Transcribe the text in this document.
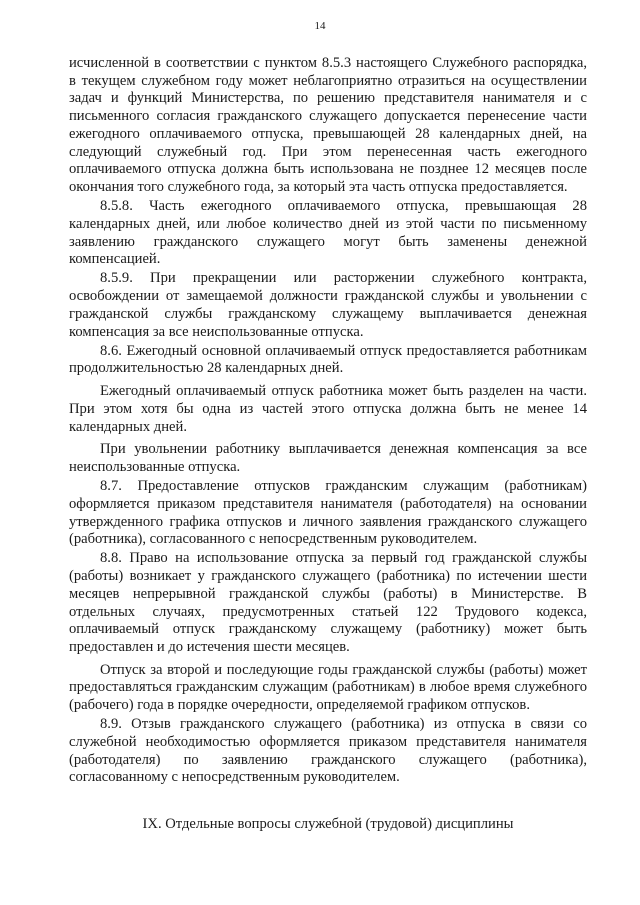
14

исчисленной в соответствии с пунктом 8.5.3 настоящего Служебного распорядка, в текущем служебном году может неблагоприятно отразиться на осуществлении задач и функций Министерства, по решению представителя нанимателя и с письменного согласия гражданского служащего допускается перенесение части ежегодного оплачиваемого отпуска, превышающей 28 календарных дней, на следующий служебный год. При этом перенесенная часть ежегодного оплачиваемого отпуска должна быть использована не позднее 12 месяцев после окончания того служебного года, за который эта часть отпуска предоставляется.

8.5.8. Часть ежегодного оплачиваемого отпуска, превышающая 28 календарных дней, или любое количество дней из этой части по письменному заявлению гражданского служащего могут быть заменены денежной компенсацией.

8.5.9. При прекращении или расторжении служебного контракта, освобождении от замещаемой должности гражданской службы и увольнении с гражданской службы гражданскому служащему выплачивается денежная компенсация за все неиспользованные отпуска.

8.6. Ежегодный основной оплачиваемый отпуск предоставляется работникам продолжительностью 28 календарных дней.

Ежегодный оплачиваемый отпуск работника может быть разделен на части. При этом хотя бы одна из частей этого отпуска должна быть не менее 14 календарных дней.

При увольнении работнику выплачивается денежная компенсация за все неиспользованные отпуска.

8.7. Предоставление отпусков гражданским служащим (работникам) оформляется приказом представителя нанимателя (работодателя) на основании утвержденного графика отпусков и личного заявления гражданского служащего (работника), согласованного с непосредственным руководителем.

8.8. Право на использование отпуска за первый год гражданской службы (работы) возникает у гражданского служащего (работника) по истечении шести месяцев непрерывной гражданской службы (работы) в Министерстве. В отдельных случаях, предусмотренных статьей 122 Трудового кодекса, оплачиваемый отпуск гражданскому служащему (работнику) может быть предоставлен и до истечения шести месяцев.

Отпуск за второй и последующие годы гражданской службы (работы) может предоставляться гражданским служащим (работникам) в любое время служебного (рабочего) года в порядке очередности, определяемой графиком отпусков.

8.9. Отзыв гражданского служащего (работника) из отпуска в связи со служебной необходимостью оформляется приказом представителя нанимателя (работодателя) по заявлению гражданского служащего (работника), согласованному с непосредственным руководителем.

IX. Отдельные вопросы служебной (трудовой) дисциплины
